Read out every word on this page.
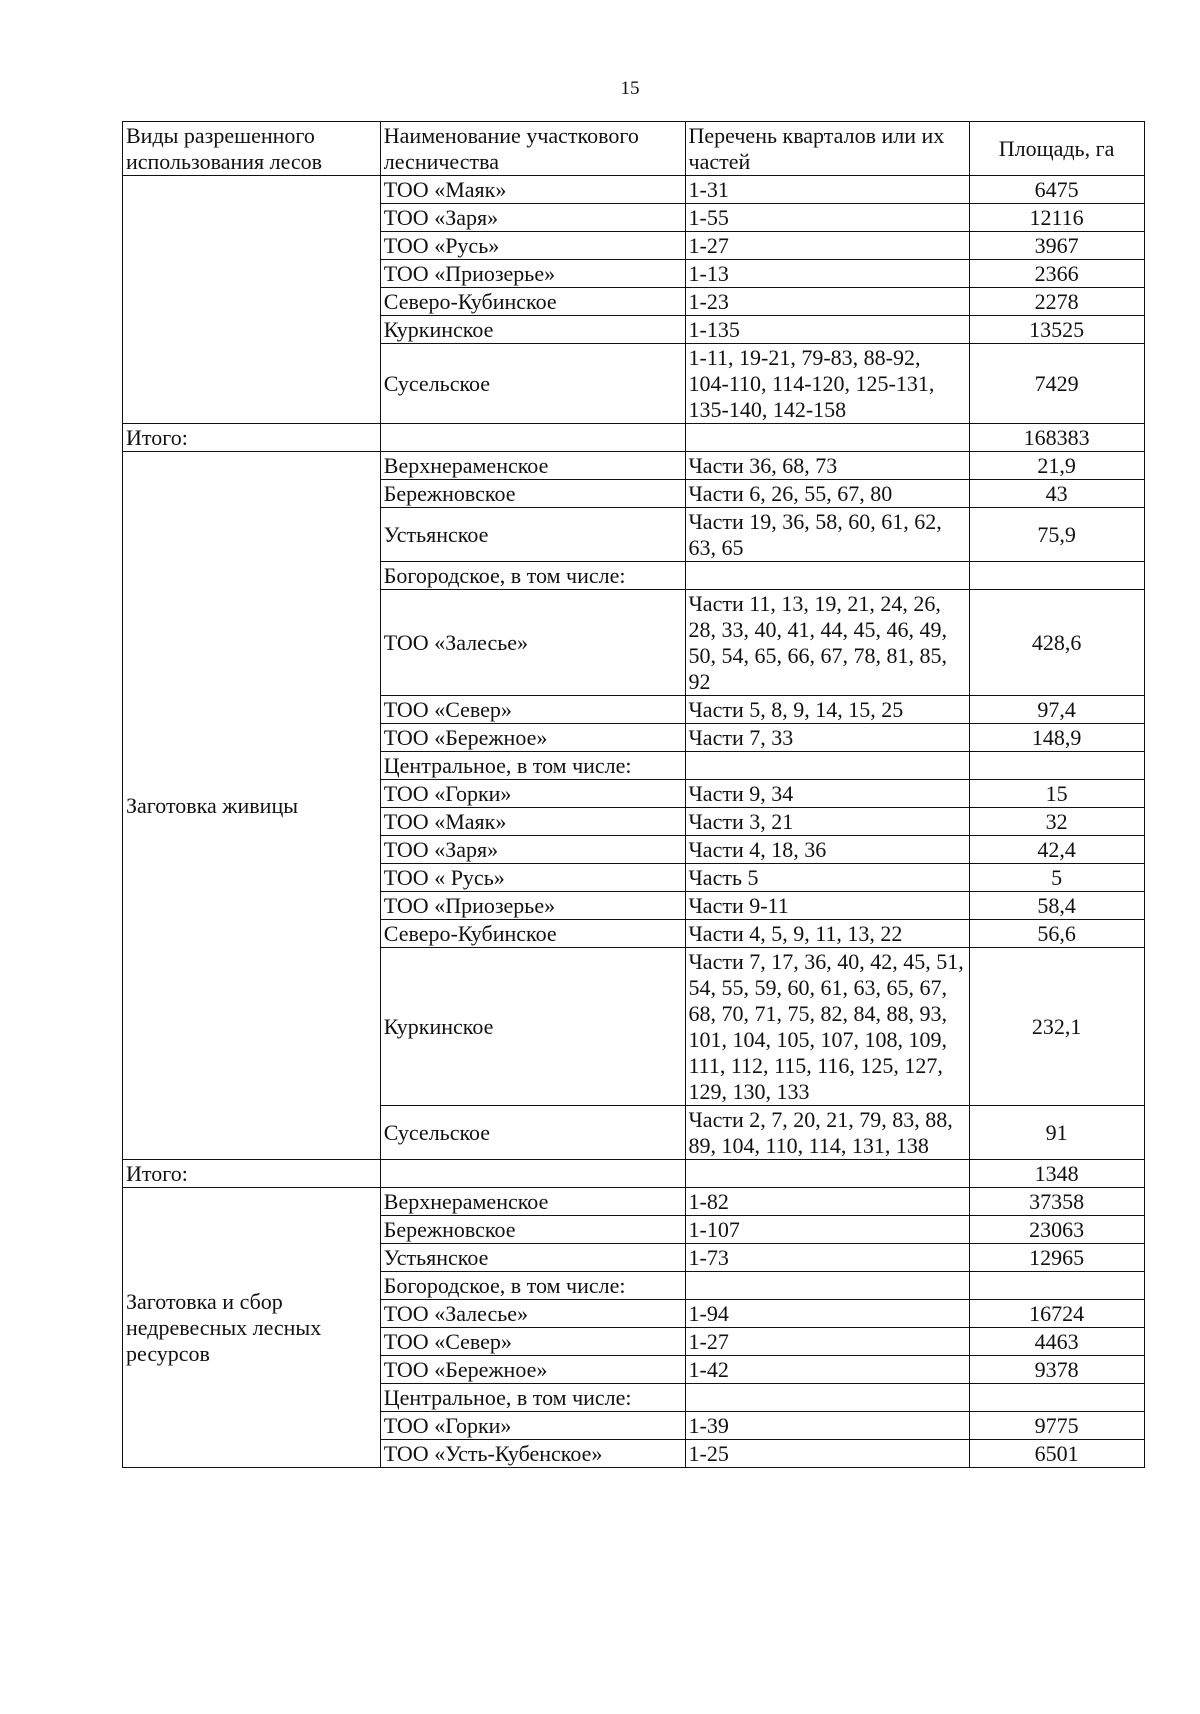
15
Виды разрешенного использования лесов	Наименование участкового лесничества	Перечень кварталов или их частей	Площадь, га
	ТОО «Маяк»	1-31	6475
	ТОО «Заря»	1-55	12116
	ТОО «Русь»	1-27	3967
	ТОО «Приозерье»	1-13	2366
	Северо-Кубинское	1-23	2278
	Куркинское	1-135	13525
	Сусельское	1-11, 19-21, 79-83, 88-92, 104-110, 114-120, 125-131, 135-140, 142-158	7429
Итого:			168383
Заготовка живицы	Верхнераменское	Части 36, 68, 73	21,9
	Бережновское	Части 6, 26, 55, 67, 80	43
	Устьянское	Части 19, 36, 58, 60, 61, 62, 63, 65	75,9
	Богородское, в том числе:		
	ТОО «Залесье»	Части 11, 13, 19, 21, 24, 26, 28, 33, 40, 41, 44, 45, 46, 49, 50, 54, 65, 66, 67, 78, 81, 85, 92	428,6
	ТОО «Север»	Части 5, 8, 9, 14, 15, 25	97,4
	ТОО «Бережное»	Части 7, 33	148,9
	Центральное, в том числе:		
	ТОО «Горки»	Части 9, 34	15
	ТОО «Маяк»	Части 3, 21	32
	ТОО «Заря»	Части 4, 18, 36	42,4
	ТОО « Русь»	Часть 5	5
	ТОО «Приозерье»	Части 9-11	58,4
	Северо-Кубинское	Части 4, 5, 9, 11, 13, 22	56,6
	Куркинское	Части 7, 17, 36, 40, 42, 45, 51, 54, 55, 59, 60, 61, 63, 65, 67, 68, 70, 71, 75, 82, 84, 88, 93, 101, 104, 105, 107, 108, 109, 111, 112, 115, 116, 125, 127, 129, 130, 133	232,1
	Сусельское	Части 2, 7, 20, 21, 79, 83, 88, 89, 104, 110, 114, 131, 138	91
Итого:			1348
Заготовка и сбор недревесных лесных ресурсов	Верхнераменское	1-82	37358
	Бережновское	1-107	23063
	Устьянское	1-73	12965
	Богородское, в том числе:		
	ТОО «Залесье»	1-94	16724
	ТОО «Север»	1-27	4463
	ТОО «Бережное»	1-42	9378
	Центральное, в том числе:		
	ТОО «Горки»	1-39	9775
	ТОО «Усть-Кубенское»	1-25	6501
